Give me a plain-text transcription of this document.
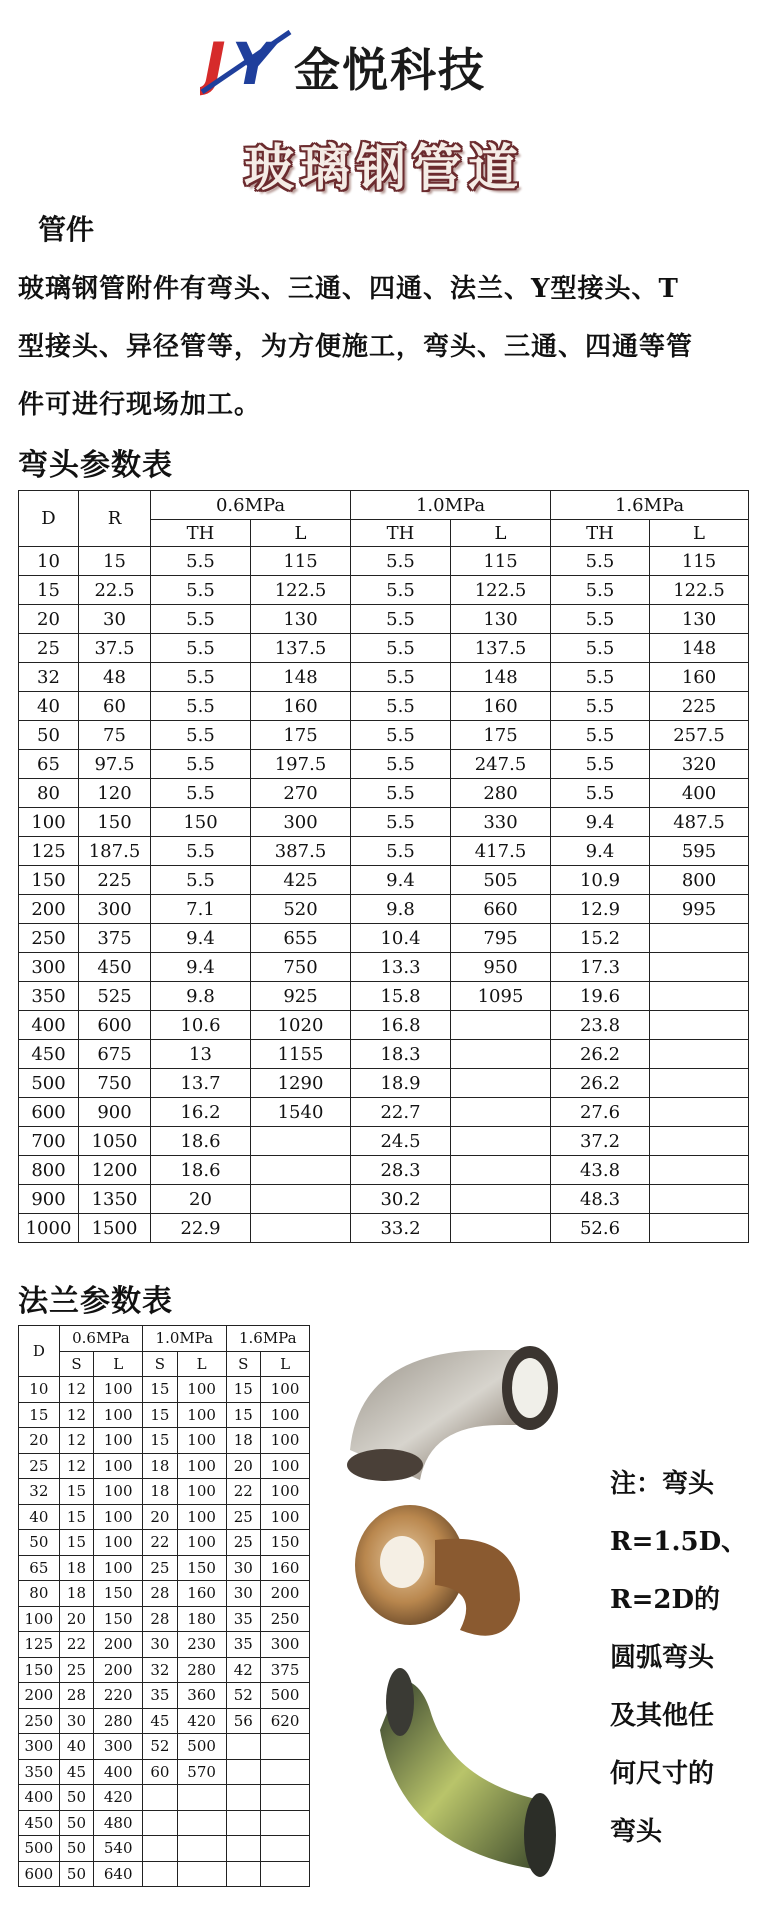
J Y 金悦科技
玻璃钢管道
管件
玻璃钢管附件有弯头、三通、四通、法兰、Y型接头、T
型接头、异径管等，为方便施工，弯头、三通、四通等管
件可进行现场加工。
弯头参数表
D	R	0.6MPa		1.0MPa		1.6MPa	
		TH	L	TH	L	TH	L
10	15	5.5	115	5.5	115	5.5	115
15	22.5	5.5	122.5	5.5	122.5	5.5	122.5
20	30	5.5	130	5.5	130	5.5	130
25	37.5	5.5	137.5	5.5	137.5	5.5	148
32	48	5.5	148	5.5	148	5.5	160
40	60	5.5	160	5.5	160	5.5	225
50	75	5.5	175	5.5	175	5.5	257.5
65	97.5	5.5	197.5	5.5	247.5	5.5	320
80	120	5.5	270	5.5	280	5.5	400
100	150	150	300	5.5	330	9.4	487.5
125	187.5	5.5	387.5	5.5	417.5	9.4	595
150	225	5.5	425	9.4	505	10.9	800
200	300	7.1	520	9.8	660	12.9	995
250	375	9.4	655	10.4	795	15.2	
300	450	9.4	750	13.3	950	17.3	
350	525	9.8	925	15.8	1095	19.6	
400	600	10.6	1020	16.8		23.8	
450	675	13	1155	18.3		26.2	
500	750	13.7	1290	18.9		26.2	
600	900	16.2	1540	22.7		27.6	
700	1050	18.6		24.5		37.2	
800	1200	18.6		28.3		43.8	
900	1350	20		30.2		48.3	
1000	1500	22.9		33.2		52.6	
法兰参数表
D	0.6MPa		1.0MPa		1.6MPa	
	S	L	S	L	S	L
10	12	100	15	100	15	100
15	12	100	15	100	15	100
20	12	100	15	100	18	100
25	12	100	18	100	20	100
32	15	100	18	100	22	100
40	15	100	20	100	25	100
50	15	100	22	100	25	150
65	18	100	25	150	30	160
80	18	150	28	160	30	200
100	20	150	28	180	35	250
125	22	200	30	230	35	300
150	25	200	32	280	42	375
200	28	220	35	360	52	500
250	30	280	45	420	56	620
300	40	300	52	500		
350	45	400	60	570		
400	50	420				
450	50	480				
500	50	540				
600	50	640				
注：弯头
R=1.5D、
R=2D的
圆弧弯头
及其他任
何尺寸的
弯头
